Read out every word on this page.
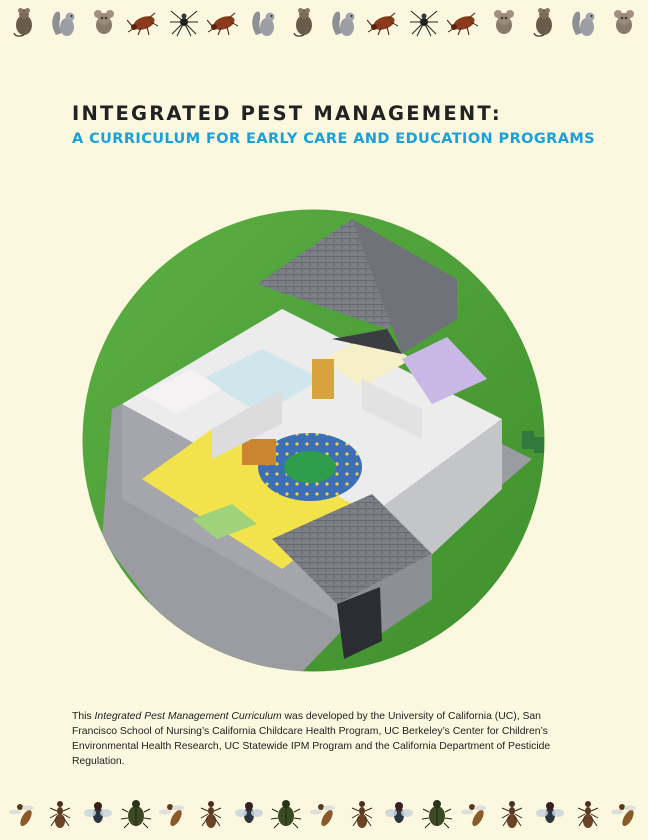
INTEGRATED PEST MANAGEMENT:
A CURRICULUM FOR EARLY CARE AND EDUCATION PROGRAMS

This Integrated Pest Management Curriculum was developed by the University of California (UC), San Francisco School of Nursing’s California Childcare Health Program, UC Berkeley’s Center for Children’s Environmental Health Research, UC Statewide IPM Program and the California Department of Pesticide Regulation.
